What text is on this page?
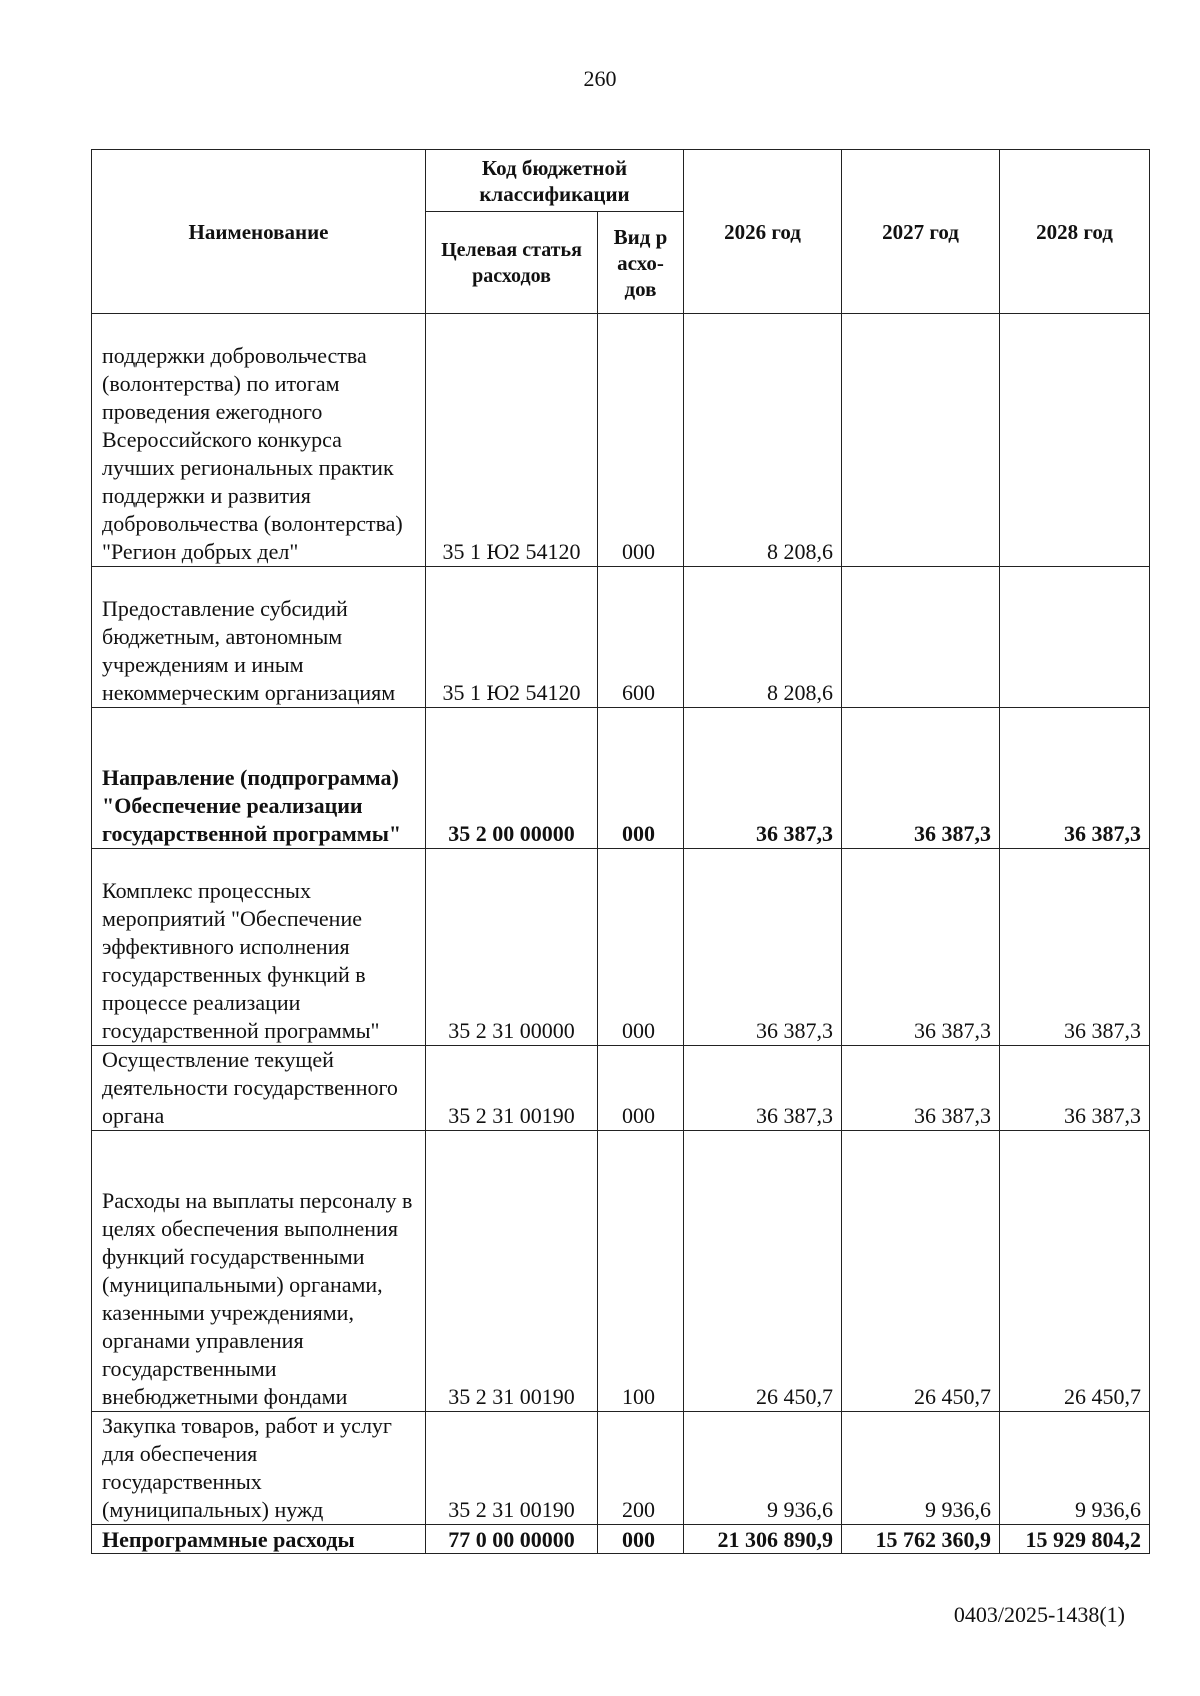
260
Наименование	Код бюджетной классификации		2026 год	2027 год	2028 год
	Целевая статья расходов	Вид расхо-дов			
поддержки добровольчества (волонтерства) по итогам проведения ежегодного Всероссийского конкурса лучших региональных практик поддержки и развития добровольчества (волонтерства) "Регион добрых дел"	35 1 Ю2 54120	000	8 208,6		
Предоставление субсидий бюджетным, автономным учреждениям и иным некоммерческим организациям	35 1 Ю2 54120	600	8 208,6		
Направление (подпрограмма) "Обеспечение реализации государственной программы"	35 2 00 00000	000	36 387,3	36 387,3	36 387,3
Комплекс процессных мероприятий "Обеспечение эффективного исполнения государственных функций в процессе реализации государственной программы"	35 2 31 00000	000	36 387,3	36 387,3	36 387,3
Осуществление текущей деятельности государственного органа	35 2 31 00190	000	36 387,3	36 387,3	36 387,3
Расходы на выплаты персоналу в целях обеспечения выполнения функций государственными (муниципальными) органами, казенными учреждениями, органами управления государственными внебюджетными фондами	35 2 31 00190	100	26 450,7	26 450,7	26 450,7
Закупка товаров, работ и услуг для обеспечения государственных (муниципальных) нужд	35 2 31 00190	200	9 936,6	9 936,6	9 936,6
Непрограммные расходы	77 0 00 00000	000	21 306 890,9	15 762 360,9	15 929 804,2
0403/2025-1438(1)
